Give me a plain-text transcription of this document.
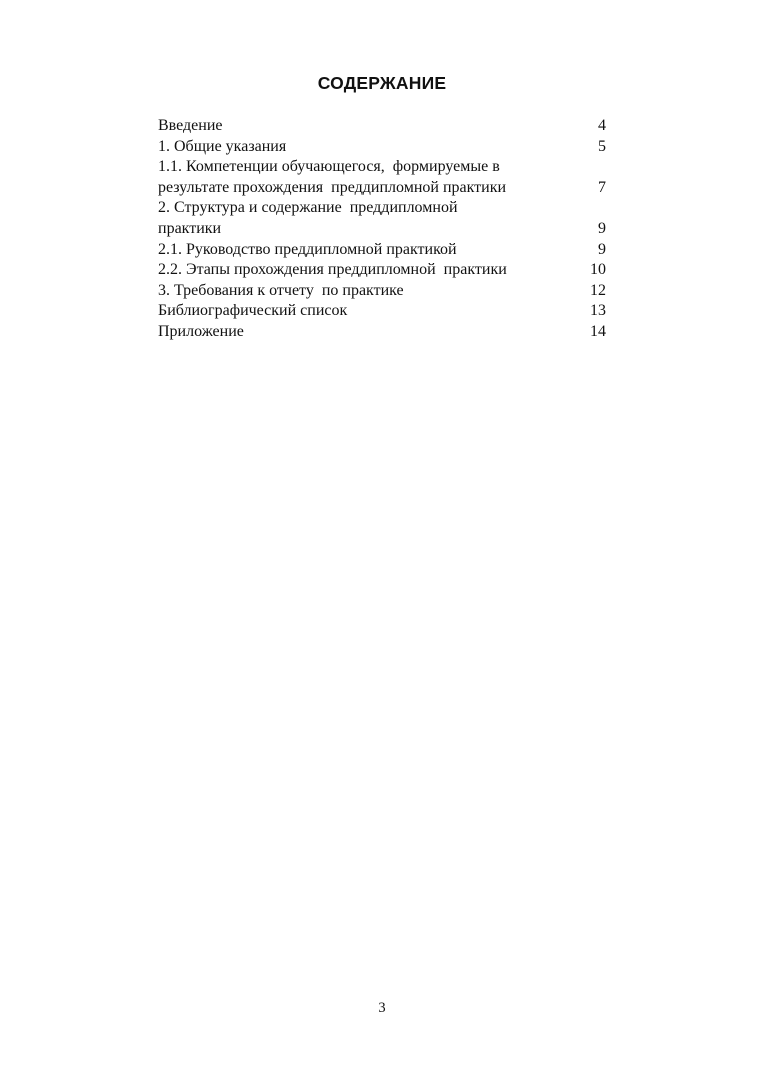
СОДЕРЖАНИЕ
Введение	4
1. Общие указания	5
1.1. Компетенции обучающегося,  формируемые в
результате прохождения  преддипломной практики	7
2. Структура и содержание  преддипломной
практики	9
2.1. Руководство преддипломной практикой	9
2.2. Этапы прохождения преддипломной  практики	10
3. Требования к отчету  по практике	12
Библиографический список	13
Приложение	14
3
